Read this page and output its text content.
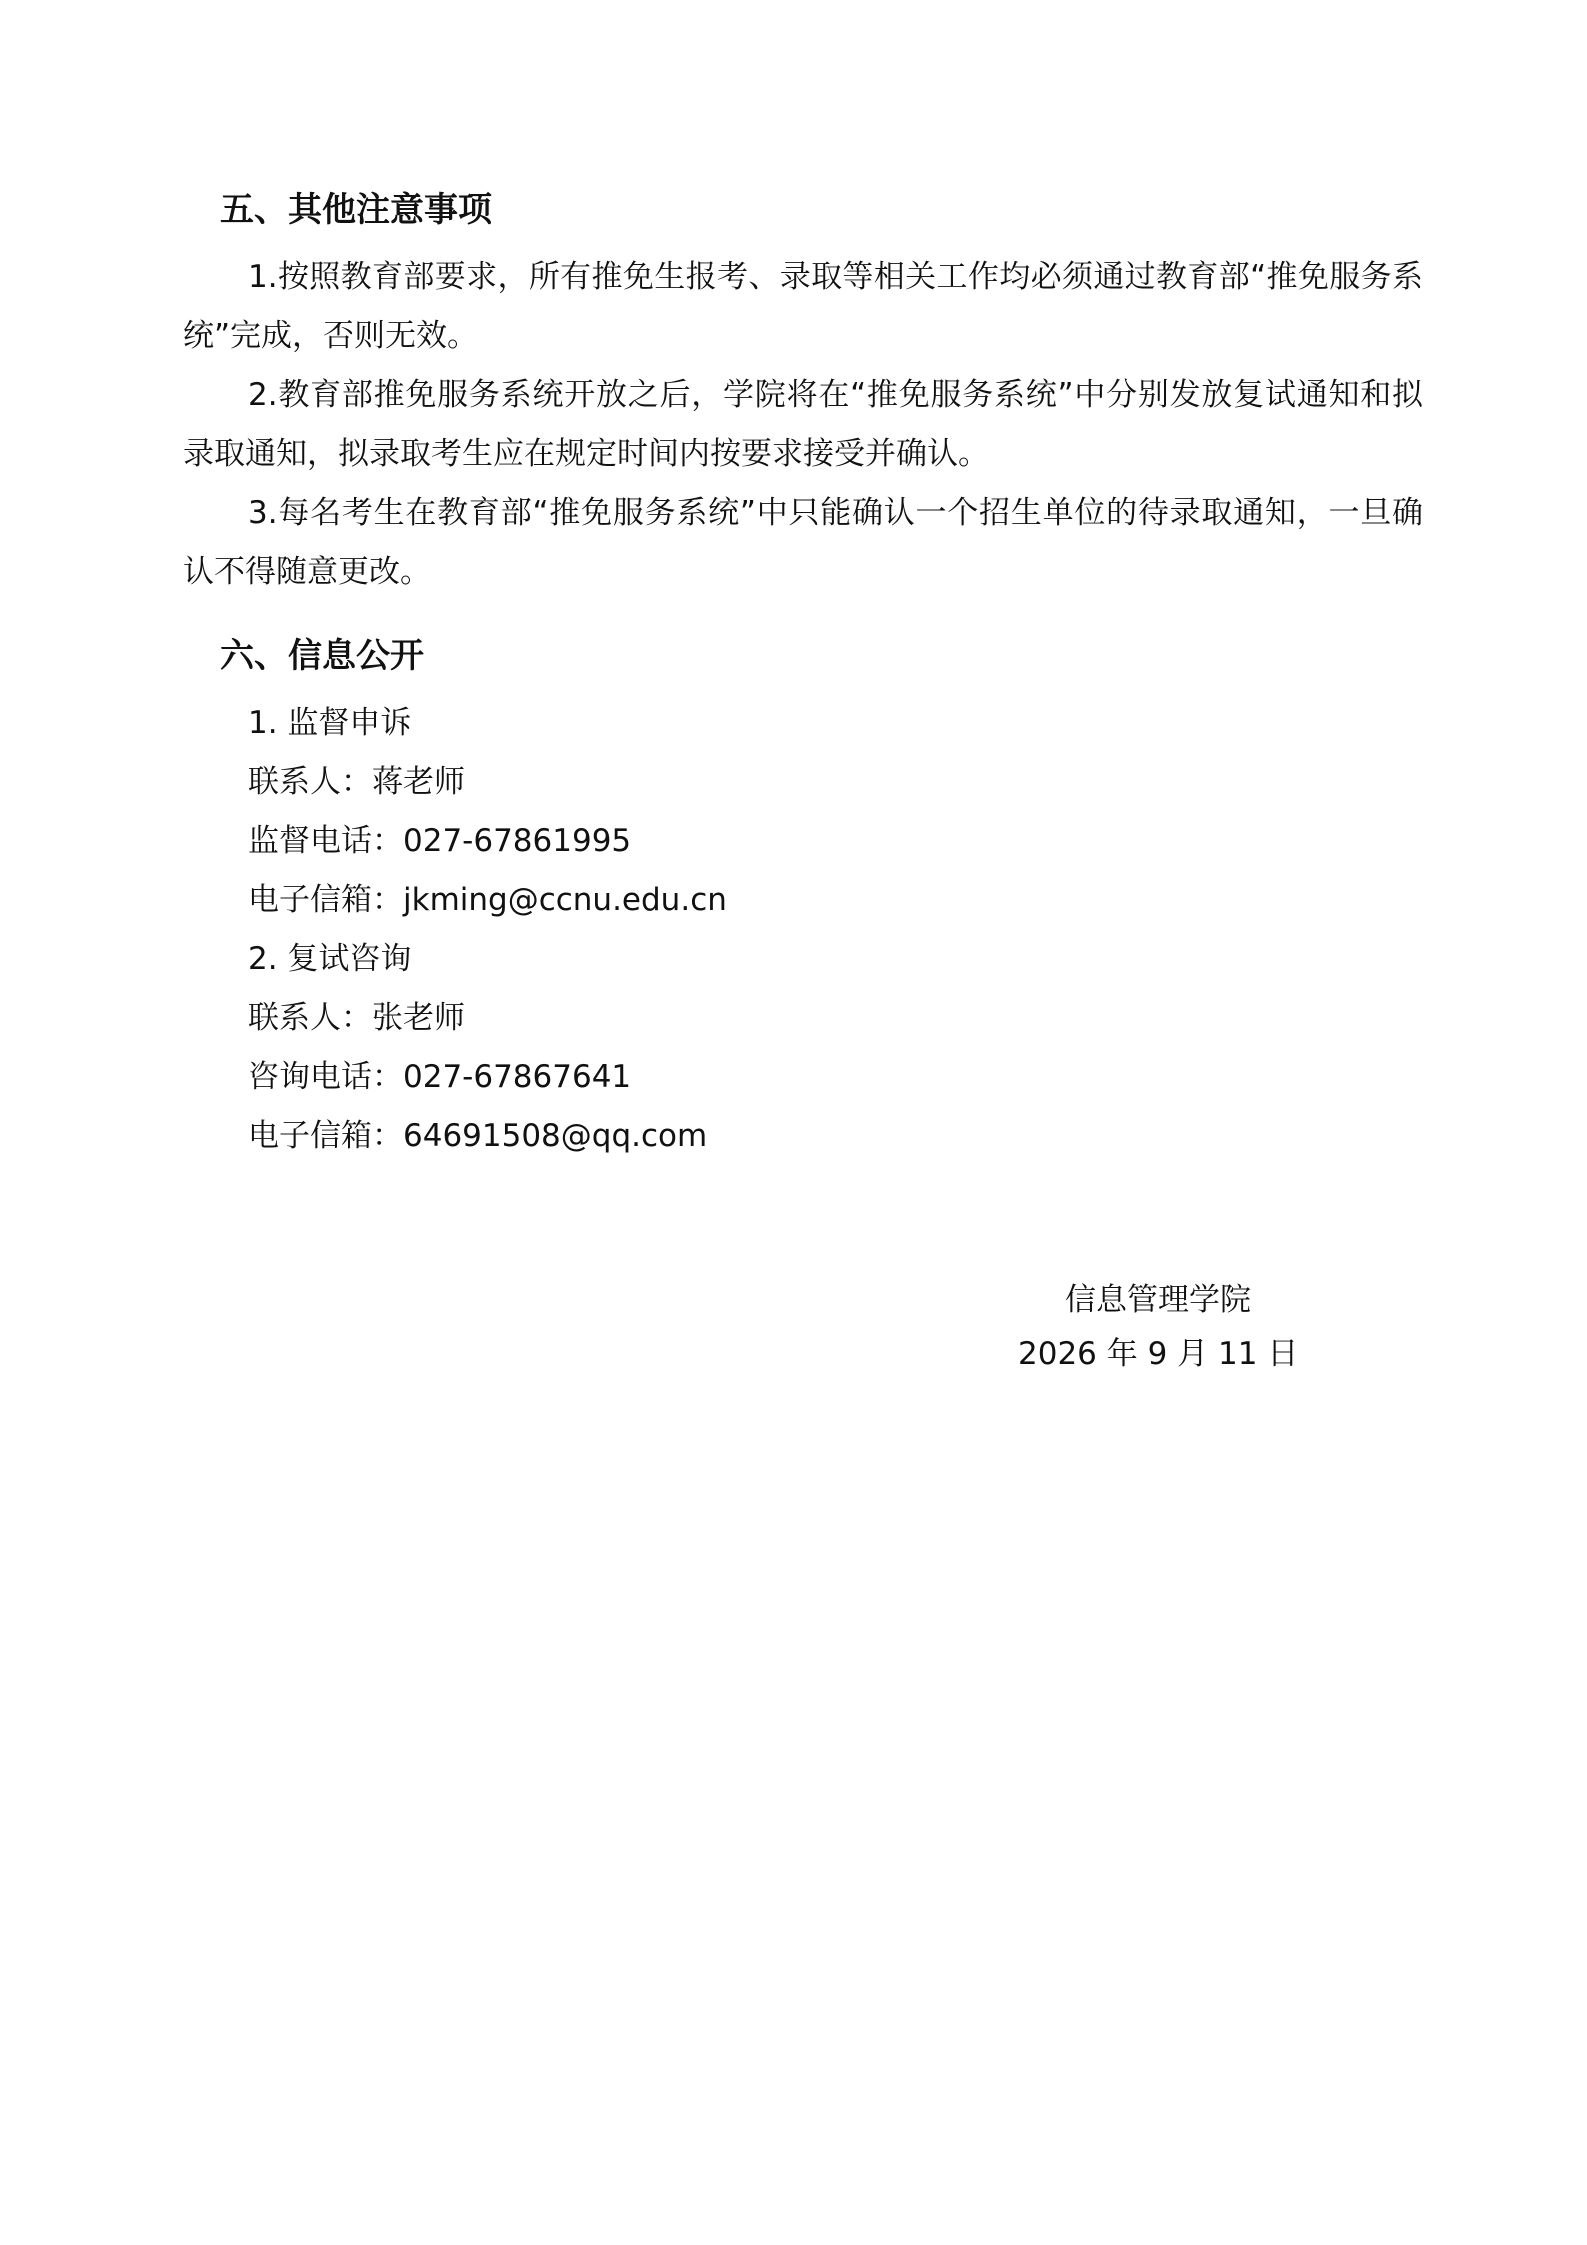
五、其他注意事项
1.按照教育部要求，所有推免生报考、录取等相关工作均必须通过教育部“推免服务系统”完成，否则无效。
2.教育部推免服务系统开放之后，学院将在“推免服务系统”中分别发放复试通知和拟录取通知，拟录取考生应在规定时间内按要求接受并确认。
3.每名考生在教育部“推免服务系统”中只能确认一个招生单位的待录取通知，一旦确认不得随意更改。
六、信息公开
1. 监督申诉
联系人：蒋老师
监督电话：027-67861995
电子信箱：jkming@ccnu.edu.cn
2. 复试咨询
联系人：张老师
咨询电话：027-67867641
电子信箱：64691508@qq.com
信息管理学院
2026 年 9 月 11 日
